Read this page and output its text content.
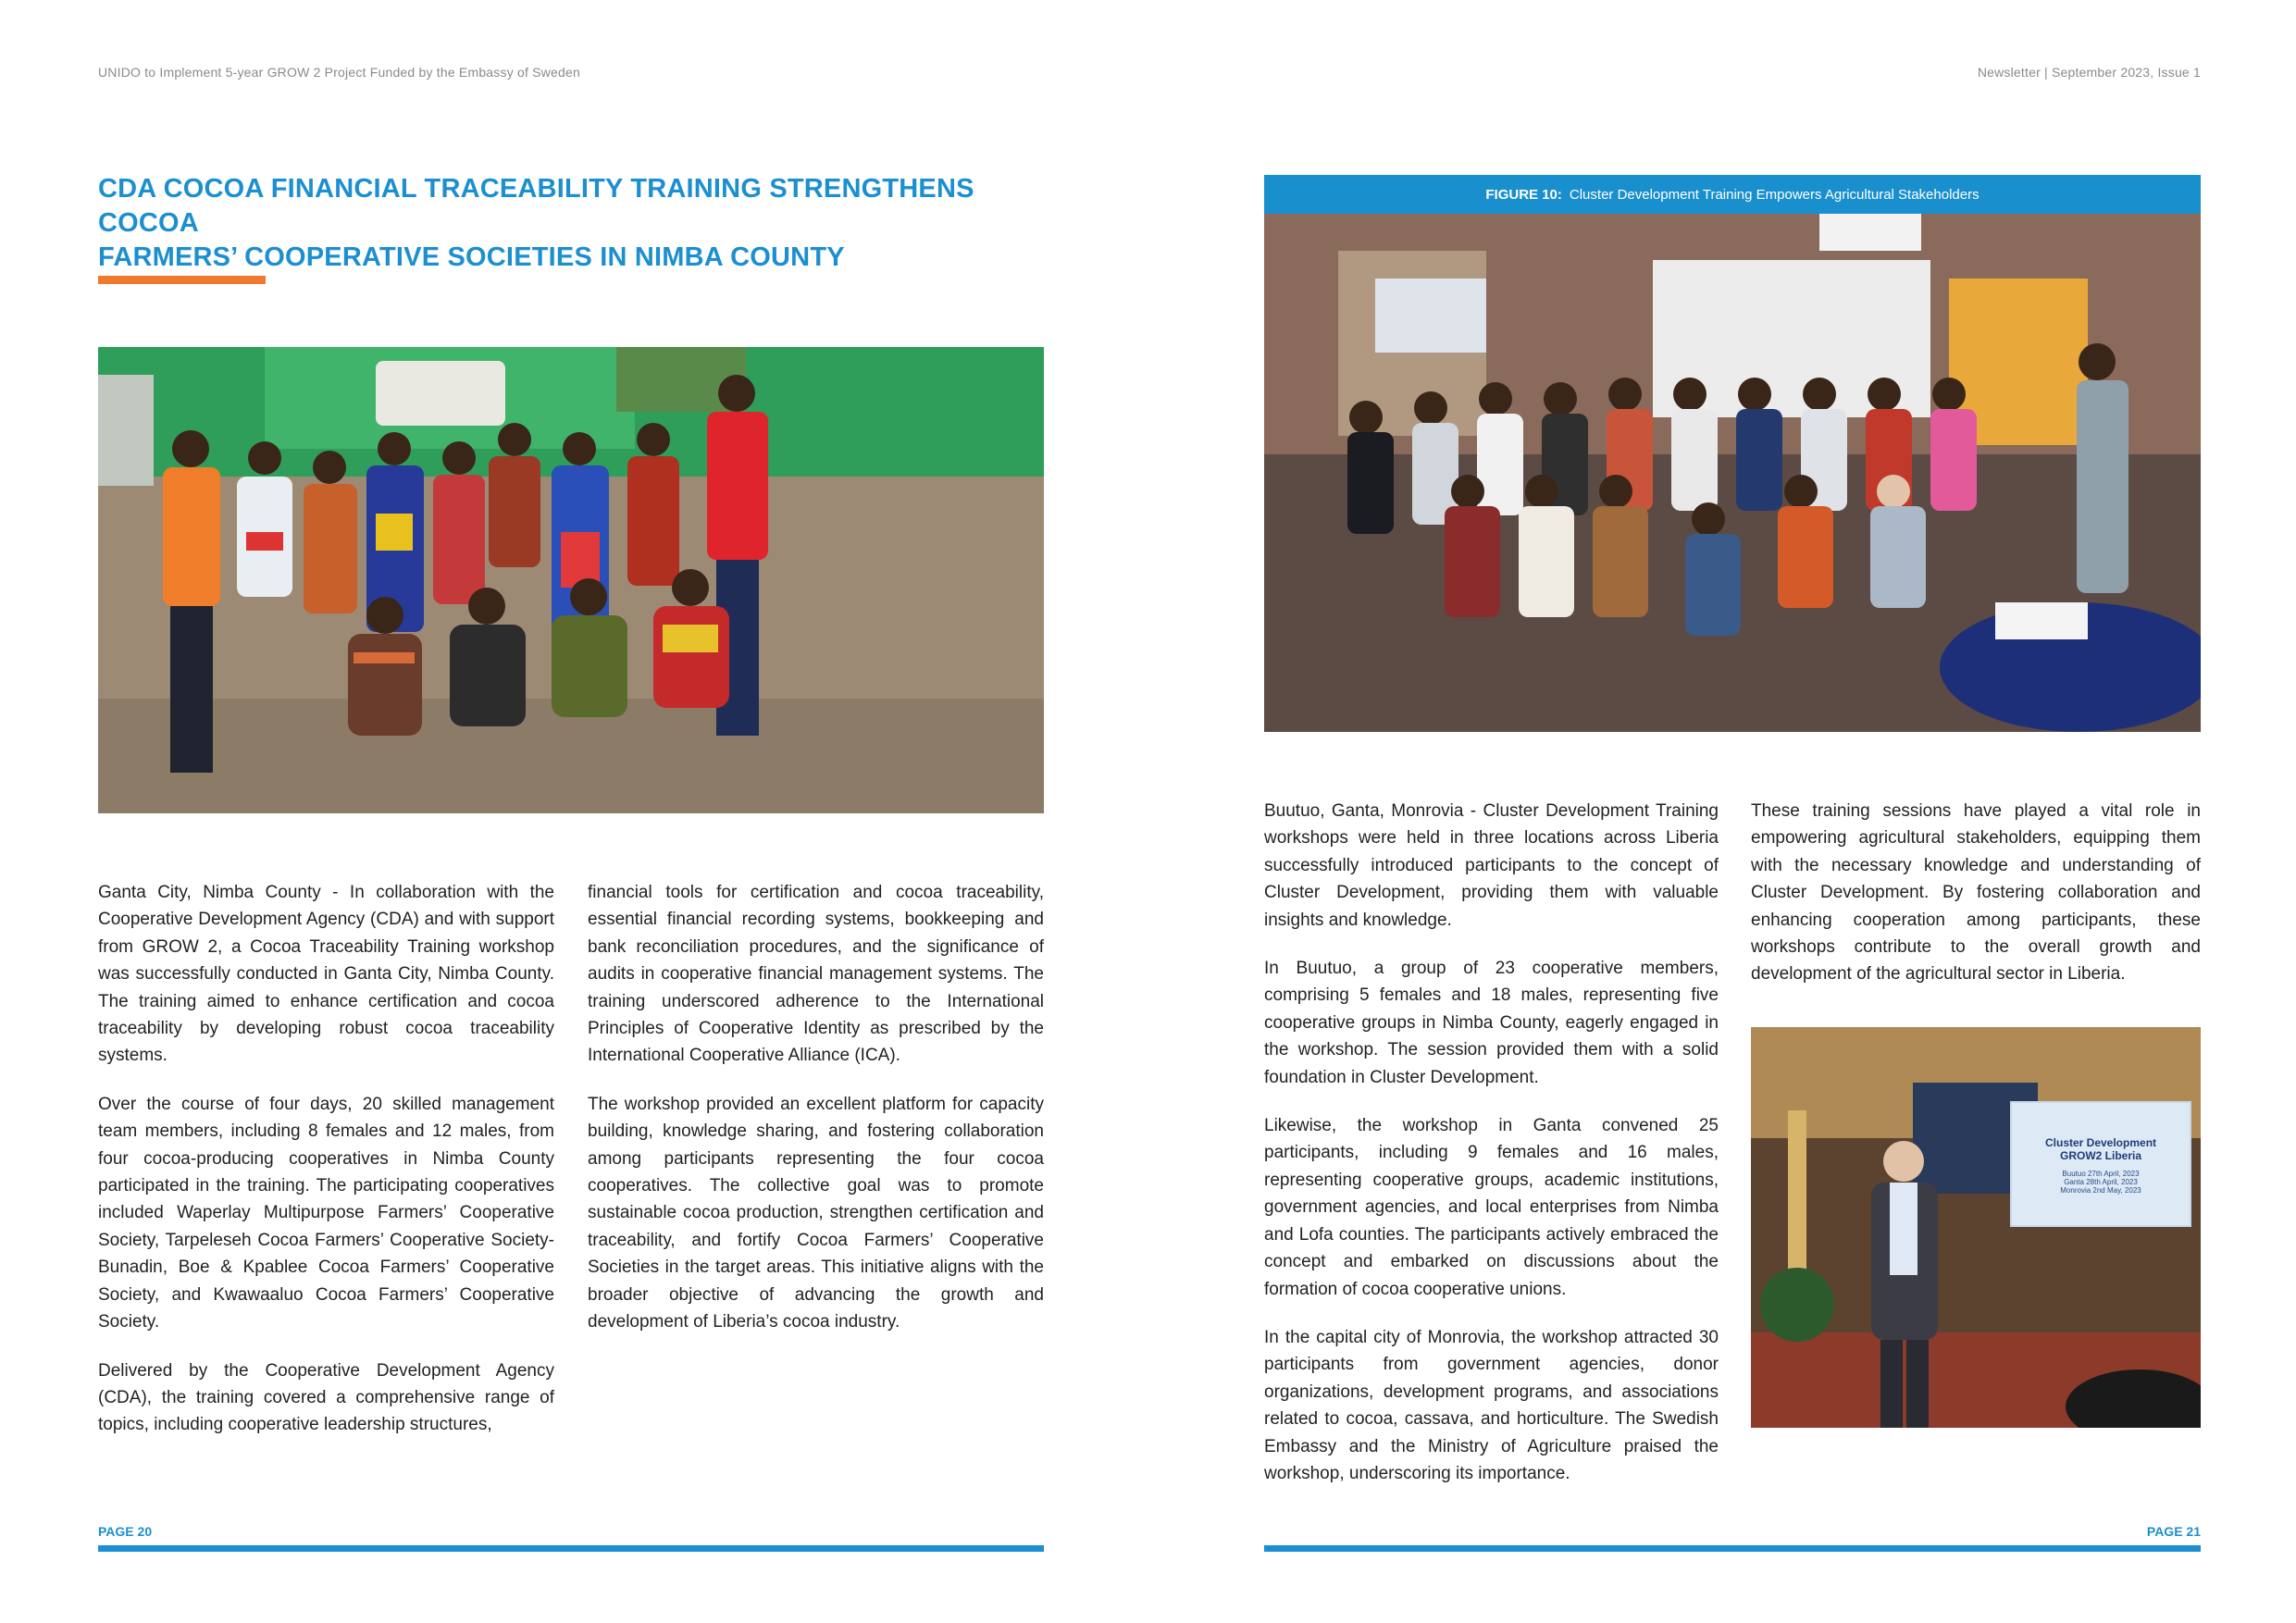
UNIDO to Implement 5-year GROW 2 Project Funded by the Embassy of Sweden	Newsletter | September 2023, Issue 1
CDA COCOA FINANCIAL TRACEABILITY TRAINING STRENGTHENS COCOA
FARMERS’ COOPERATIVE SOCIETIES IN NIMBA COUNTY

Ganta City, Nimba County - In collaboration with the Cooperative Development Agency (CDA) and with support from GROW 2, a Cocoa Traceability Training workshop was successfully conducted in Ganta City, Nimba County. The training aimed to enhance certification and cocoa traceability by developing robust cocoa traceability systems.

Over the course of four days, 20 skilled management team members, including 8 females and 12 males, from four cocoa-producing cooperatives in Nimba County participated in the training. The participating cooperatives included Waperlay Multipurpose Farmers’ Cooperative Society, Tarpeleseh Cocoa Farmers’ Cooperative Society-Bunadin, Boe & Kpablee Cocoa Farmers’ Cooperative Society, and Kwawaaluo Cocoa Farmers’ Cooperative Society.

Delivered by the Cooperative Development Agency (CDA), the training covered a comprehensive range of topics, including cooperative leadership structures,

financial tools for certification and cocoa traceability, essential financial recording systems, bookkeeping and bank reconciliation procedures, and the significance of audits in cooperative financial management systems. The training underscored adherence to the International Principles of Cooperative Identity as prescribed by the International Cooperative Alliance (ICA).

The workshop provided an excellent platform for capacity building, knowledge sharing, and fostering collaboration among participants representing the four cocoa cooperatives. The collective goal was to promote sustainable cocoa production, strengthen certification and traceability, and fortify Cocoa Farmers’ Cooperative Societies in the target areas. This initiative aligns with the broader objective of advancing the growth and development of Liberia’s cocoa industry.

FIGURE 10: Cluster Development Training Empowers Agricultural Stakeholders

Buutuo, Ganta, Monrovia - Cluster Development Training workshops were held in three locations across Liberia successfully introduced participants to the concept of Cluster Development, providing them with valuable insights and knowledge.

In Buutuo, a group of 23 cooperative members, comprising 5 females and 18 males, representing five cooperative groups in Nimba County, eagerly engaged in the workshop. The session provided them with a solid foundation in Cluster Development.

Likewise, the workshop in Ganta convened 25 participants, including 9 females and 16 males, representing cooperative groups, academic institutions, government agencies, and local enterprises from Nimba and Lofa counties. The participants actively embraced the concept and embarked on discussions about the formation of cocoa cooperative unions.

In the capital city of Monrovia, the workshop attracted 30 participants from government agencies, donor organizations, development programs, and associations related to cocoa, cassava, and horticulture. The Swedish Embassy and the Ministry of Agriculture praised the workshop, underscoring its importance.

These training sessions have played a vital role in empowering agricultural stakeholders, equipping them with the necessary knowledge and understanding of Cluster Development. By fostering collaboration and enhancing cooperation among participants, these workshops contribute to the overall growth and development of the agricultural sector in Liberia.

Cluster Development
GROW2 Liberia
Buutuo 27th April, 2023
Ganta 28th April, 2023
Monrovia 2nd May, 2023
PAGE 20	PAGE 21
